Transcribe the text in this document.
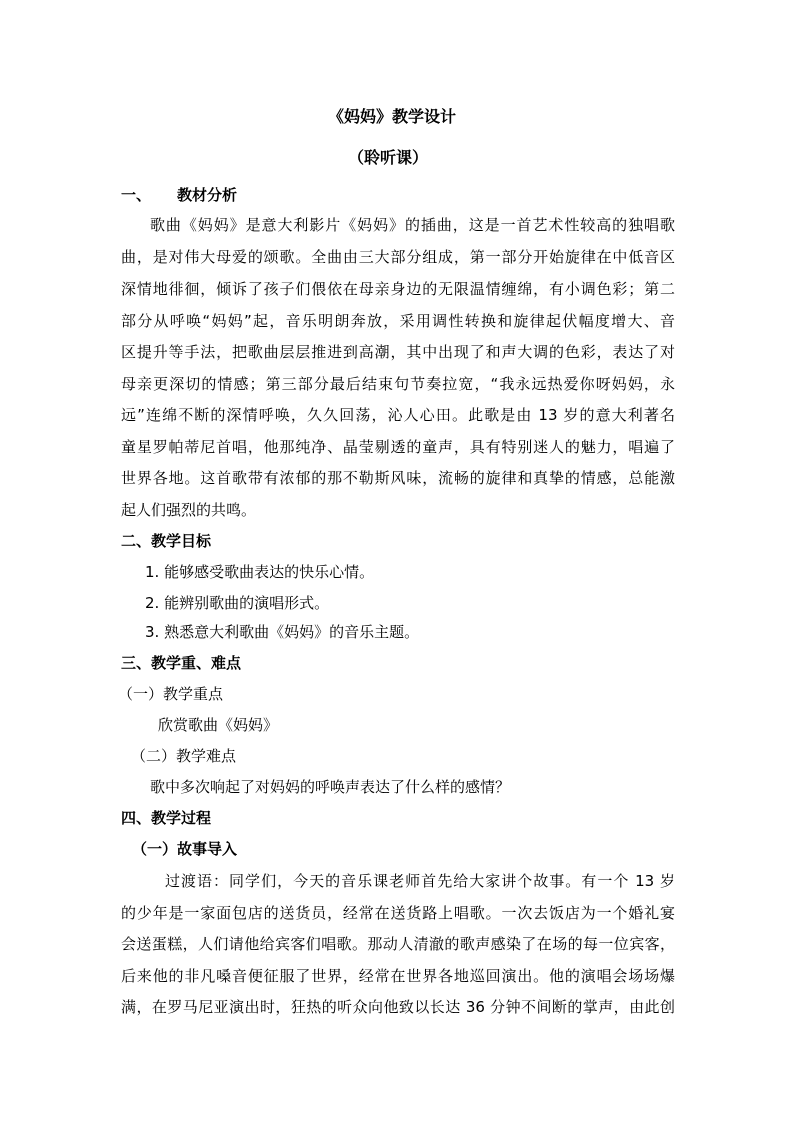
《妈妈》教学设计
（聆听课）
一、 教材分析
歌曲《妈妈》是意大利影片《妈妈》的插曲，这是一首艺术性较高的独唱歌
曲，是对伟大母爱的颂歌。全曲由三大部分组成，第一部分开始旋律在中低音区
深情地徘徊，倾诉了孩子们偎依在母亲身边的无限温情缠绵，有小调色彩；第二
部分从呼唤“妈妈”起，音乐明朗奔放，采用调性转换和旋律起伏幅度增大、音
区提升等手法，把歌曲层层推进到高潮，其中出现了和声大调的色彩，表达了对
母亲更深切的情感；第三部分最后结束句节奏拉宽，“我永远热爱你呀妈妈，永
远”连绵不断的深情呼唤，久久回荡，沁人心田。此歌是由 13 岁的意大利著名
童星罗帕蒂尼首唱，他那纯净、晶莹剔透的童声，具有特别迷人的魅力，唱遍了
世界各地。这首歌带有浓郁的那不勒斯风味，流畅的旋律和真挚的情感，总能激
起人们强烈的共鸣。
二、教学目标
1. 能够感受歌曲表达的快乐心情。
2. 能辨别歌曲的演唱形式。
3. 熟悉意大利歌曲《妈妈》的音乐主题。
三、教学重、难点
（一）教学重点
欣赏歌曲《妈妈》
（二）教学难点
歌中多次响起了对妈妈的呼唤声表达了什么样的感情？
四、教学过程
（一）故事导入
过渡语：同学们，今天的音乐课老师首先给大家讲个故事。有一个 13 岁
的少年是一家面包店的送货员，经常在送货路上唱歌。一次去饭店为一个婚礼宴
会送蛋糕，人们请他给宾客们唱歌。那动人清澈的歌声感染了在场的每一位宾客，
后来他的非凡嗓音便征服了世界，经常在世界各地巡回演出。他的演唱会场场爆
满，在罗马尼亚演出时，狂热的听众向他致以长达 36 分钟不间断的掌声，由此创
